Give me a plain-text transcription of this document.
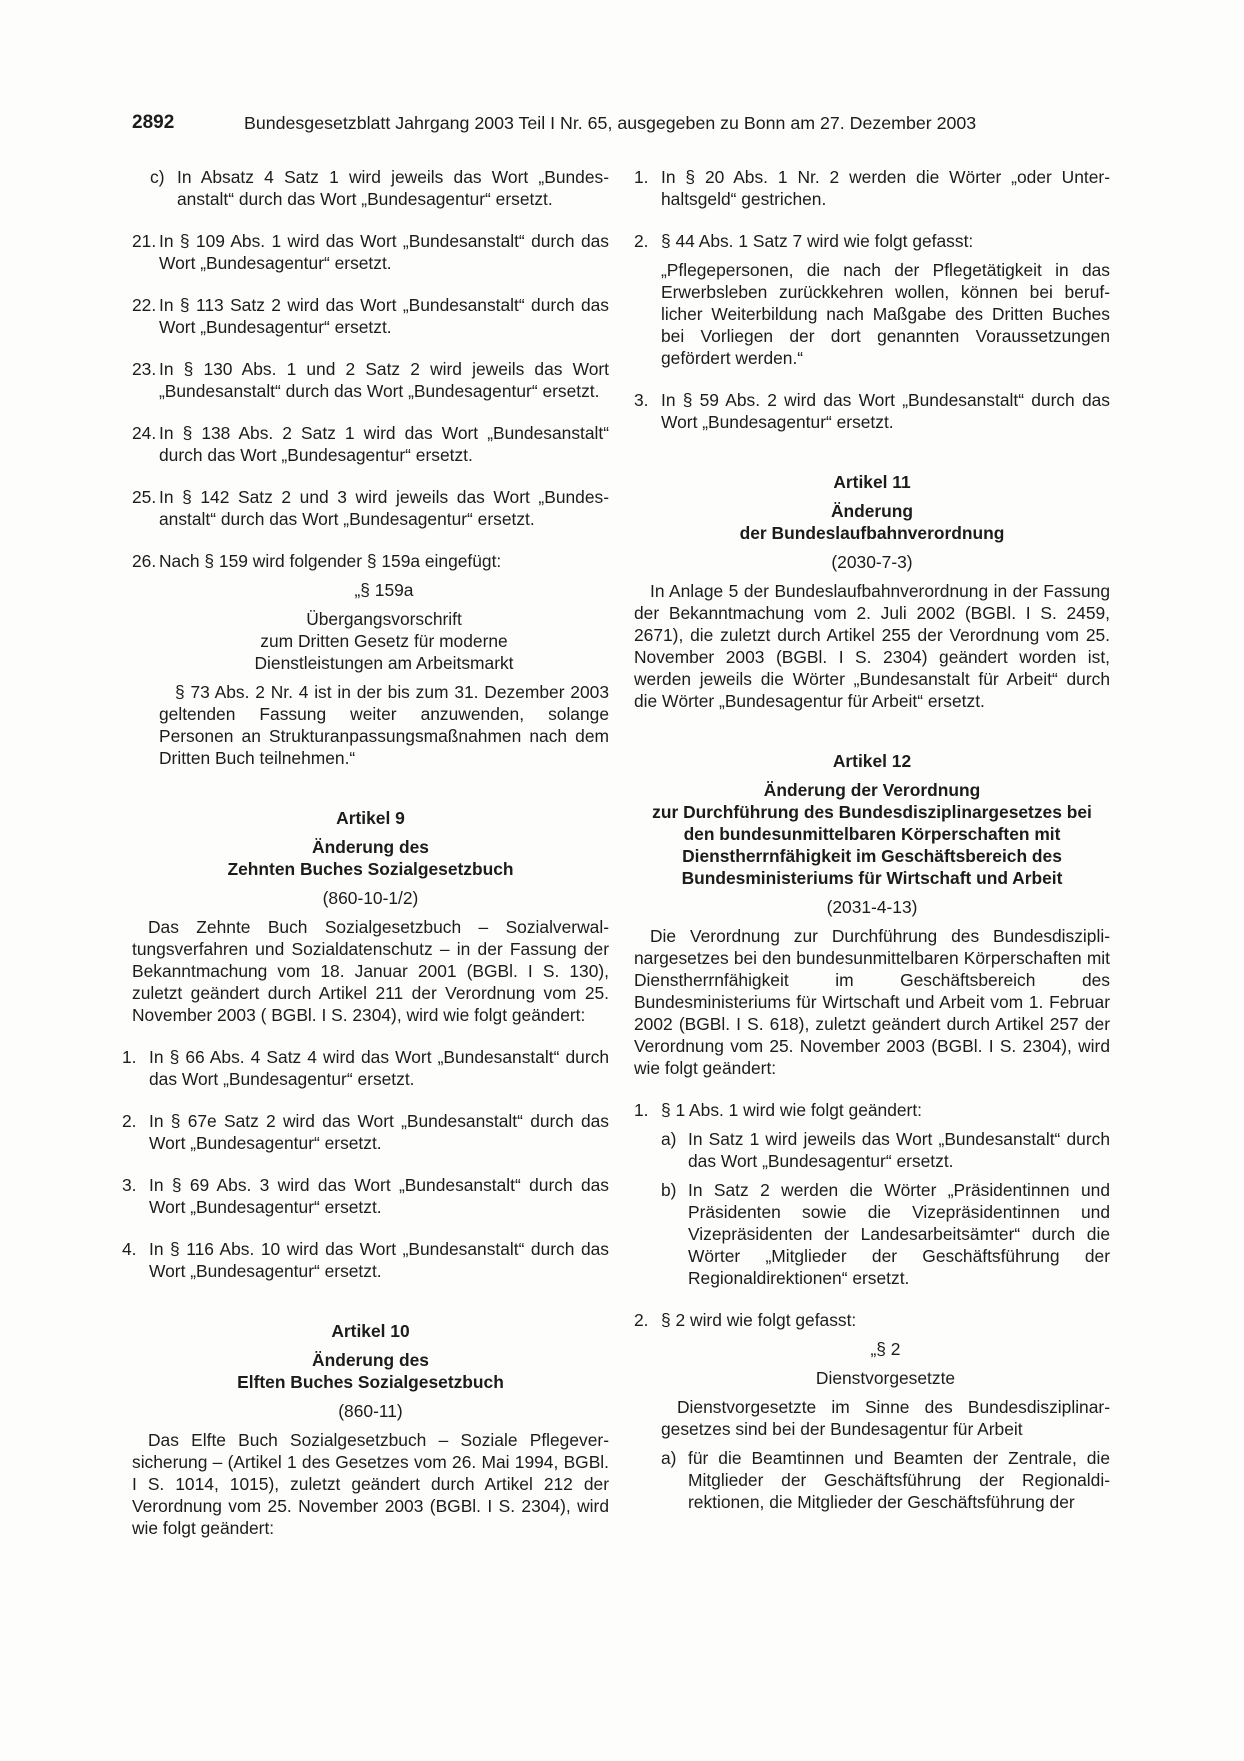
2892	Bundesgesetzblatt Jahrgang 2003 Teil I Nr. 65, ausgegeben zu Bonn am 27. Dezember 2003
c) In Absatz 4 Satz 1 wird jeweils das Wort „Bundesanstalt“ durch das Wort „Bundesagentur“ ersetzt.
21. In § 109 Abs. 1 wird das Wort „Bundesanstalt“ durch das Wort „Bundesagentur“ ersetzt.
22. In § 113 Satz 2 wird das Wort „Bundesanstalt“ durch das Wort „Bundesagentur“ ersetzt.
23. In § 130 Abs. 1 und 2 Satz 2 wird jeweils das Wort „Bundesanstalt“ durch das Wort „Bundesagentur“ ersetzt.
24. In § 138 Abs. 2 Satz 1 wird das Wort „Bundesanstalt“ durch das Wort „Bundesagentur“ ersetzt.
25. In § 142 Satz 2 und 3 wird jeweils das Wort „Bundesanstalt“ durch das Wort „Bundesagentur“ ersetzt.
26. Nach § 159 wird folgender § 159a eingefügt:

„§ 159a

Übergangsvorschrift

zum Dritten Gesetz für moderne

Dienstleistungen am Arbeitsmarkt

§ 73 Abs. 2 Nr. 4 ist in der bis zum 31. Dezember 2003 geltenden Fassung weiter anzuwenden, solange Personen an Strukturanpassungsmaßnahmen nach dem Dritten Buch teilnehmen.“

Artikel 9

Änderung des

Zehnten Buches Sozialgesetzbuch

(860-10-1/2)

Das Zehnte Buch Sozialgesetzbuch – Sozialverwaltungsverfahren und Sozialdatenschutz – in der Fassung der Bekanntmachung vom 18. Januar 2001 (BGBl. I S. 130), zuletzt geändert durch Artikel 211 der Verordnung vom 25. November 2003 ( BGBl. I S. 2304), wird wie folgt geändert:

1. In § 66 Abs. 4 Satz 4 wird das Wort „Bundesanstalt“ durch das Wort „Bundesagentur“ ersetzt.
2. In § 67e Satz 2 wird das Wort „Bundesanstalt“ durch das Wort „Bundesagentur“ ersetzt.
3. In § 69 Abs. 3 wird das Wort „Bundesanstalt“ durch das Wort „Bundesagentur“ ersetzt.
4. In § 116 Abs. 10 wird das Wort „Bundesanstalt“ durch das Wort „Bundesagentur“ ersetzt.

Artikel 10

Änderung des

Elften Buches Sozialgesetzbuch

(860-11)

Das Elfte Buch Sozialgesetzbuch – Soziale Pflegeversicherung – (Artikel 1 des Gesetzes vom 26. Mai 1994, BGBl. I S. 1014, 1015), zuletzt geändert durch Artikel 212 der Verordnung vom 25. November 2003 (BGBl. I S. 2304), wird wie folgt geändert:

1. In § 20 Abs. 1 Nr. 2 werden die Wörter „oder Unterhaltsgeld“ gestrichen.
2. § 44 Abs. 1 Satz 7 wird wie folgt gefasst:

„Pflegepersonen, die nach der Pflegetätigkeit in das Erwerbsleben zurückkehren wollen, können bei beruflicher Weiterbildung nach Maßgabe des Dritten Buches bei Vorliegen der dort genannten Voraussetzungen gefördert werden.“

3. In § 59 Abs. 2 wird das Wort „Bundesanstalt“ durch das Wort „Bundesagentur“ ersetzt.

Artikel 11

Änderung

der Bundeslaufbahnverordnung

(2030-7-3)

In Anlage 5 der Bundeslaufbahnverordnung in der Fassung der Bekanntmachung vom 2. Juli 2002 (BGBl. I S. 2459, 2671), die zuletzt durch Artikel 255 der Verordnung vom 25. November 2003 (BGBl. I S. 2304) geändert worden ist, werden jeweils die Wörter „Bundesanstalt für Arbeit“ durch die Wörter „Bundesagentur für Arbeit“ ersetzt.

Artikel 12

Änderung der Verordnung

zur Durchführung des Bundesdisziplinargesetzes bei

den bundesunmittelbaren Körperschaften mit

Dienstherrnfähigkeit im Geschäftsbereich des

Bundesministeriums für Wirtschaft und Arbeit

(2031-4-13)

Die Verordnung zur Durchführung des Bundesdisziplinargesetzes bei den bundesunmittelbaren Körperschaften mit Dienstherrnfähigkeit im Geschäftsbereich des Bundesministeriums für Wirtschaft und Arbeit vom 1. Februar 2002 (BGBl. I S. 618), zuletzt geändert durch Artikel 257 der Verordnung vom 25. November 2003 (BGBl. I S. 2304), wird wie folgt geändert:

1. § 1 Abs. 1 wird wie folgt geändert:
a) In Satz 1 wird jeweils das Wort „Bundesanstalt“ durch das Wort „Bundesagentur“ ersetzt.
b) In Satz 2 werden die Wörter „Präsidentinnen und Präsidenten sowie die Vizepräsidentinnen und Vizepräsidenten der Landesarbeitsämter“ durch die Wörter „Mitglieder der Geschäftsführung der Regionaldirektionen“ ersetzt.
2. § 2 wird wie folgt gefasst:

„§ 2

Dienstvorgesetzte

Dienstvorgesetzte im Sinne des Bundesdisziplinargesetzes sind bei der Bundesagentur für Arbeit

a) für die Beamtinnen und Beamten der Zentrale, die Mitglieder der Geschäftsführung der Regionaldirektionen, die Mitglieder der Geschäftsführung der
